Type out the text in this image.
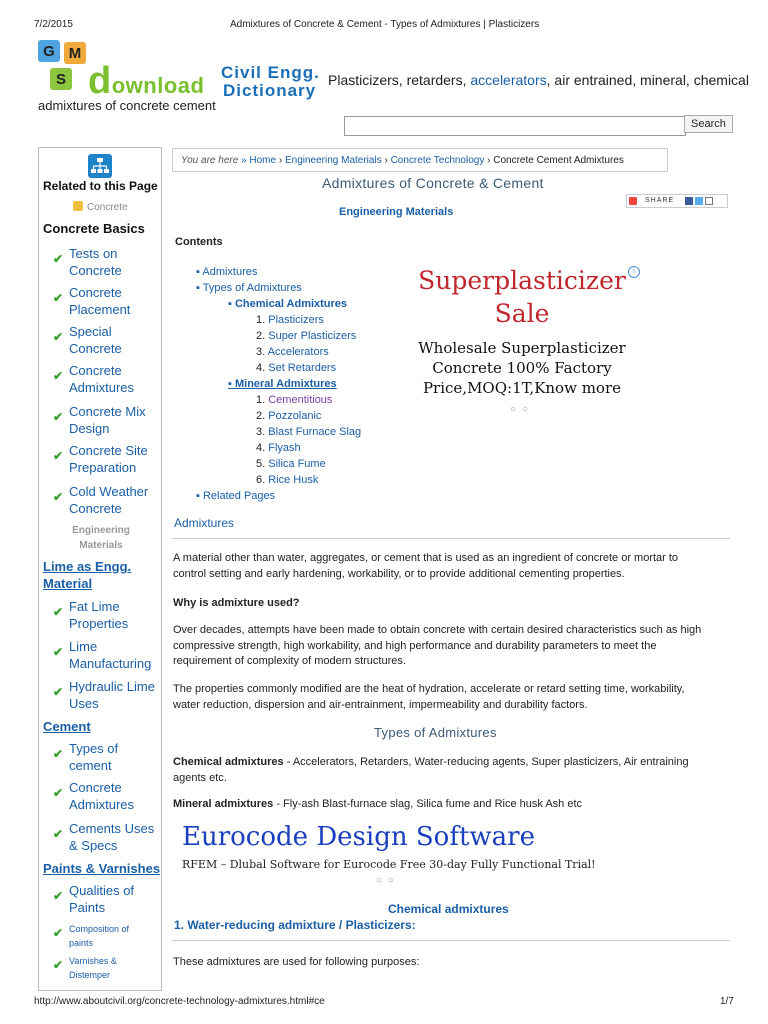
7/2/2015	Admixtures of Concrete & Cement - Types of Admixtures | Plasticizers
G M
S download
Civil Engg.
Dictionary
Plasticizers, retarders, accelerators, air entrained, mineral, chemical
admixtures of concrete cement
Search
Related to this Page
Concrete
Concrete Basics
✔ Tests on Concrete
✔ Concrete Placement
✔ Special Concrete
✔ Concrete Admixtures
✔ Concrete Mix Design
✔ Concrete Site Preparation
✔ Cold Weather Concrete
Engineering Materials
Lime as Engg. Material
✔ Fat Lime Properties
✔ Lime Manufacturing
✔ Hydraulic Lime Uses
Cement
✔ Types of cement
✔ Concrete Admixtures
✔ Cements Uses & Specs
Paints & Varnishes
✔ Qualities of Paints
✔ Composition of paints
✔ Varnishes & Distemper
You are here » Home › Engineering Materials › Concrete Technology › Concrete Cement Admixtures
Admixtures of Concrete & Cement
Engineering Materials
SHARE
Contents
▪ Admixtures
▪ Types of Admixtures
▪ Chemical Admixtures
1. Plasticizers
2. Super Plasticizers
3. Accelerators
4. Set Retarders
▪ Mineral Admixtures
1. Cementitious
2. Pozzolanic
3. Blast Furnace Slag
4. Flyash
5. Silica Fume
6. Rice Husk
▪ Related Pages
Superplasticizer
Sale
Wholesale Superplasticizer
Concrete 100% Factory
Price,MOQ:1T,Know more
○○
i
Admixtures
A material other than water, aggregates, or cement that is used as an ingredient of concrete or mortar to
control setting and early hardening, workability, or to provide additional cementing properties.
Why is admixture used?
Over decades, attempts have been made to obtain concrete with certain desired characteristics such as high
compressive strength, high workability, and high performance and durability parameters to meet the
requirement of complexity of modern structures.
The properties commonly modified are the heat of hydration, accelerate or retard setting time, workability,
water reduction, dispersion and air-entrainment, impermeability and durability factors.
Types of Admixtures
Chemical admixtures - Accelerators, Retarders, Water-reducing agents, Super plasticizers, Air entraining
agents etc.
Mineral admixtures - Fly-ash Blast-furnace slag, Silica fume and Rice husk Ash etc
Eurocode Design Software
RFEM – Dlubal Software for Eurocode Free 30-day Fully Functional Trial!
○○
Chemical admixtures
1. Water-reducing admixture / Plasticizers:
These admixtures are used for following purposes:
http://www.aboutcivil.org/concrete-technology-admixtures.html#ce	1/7
